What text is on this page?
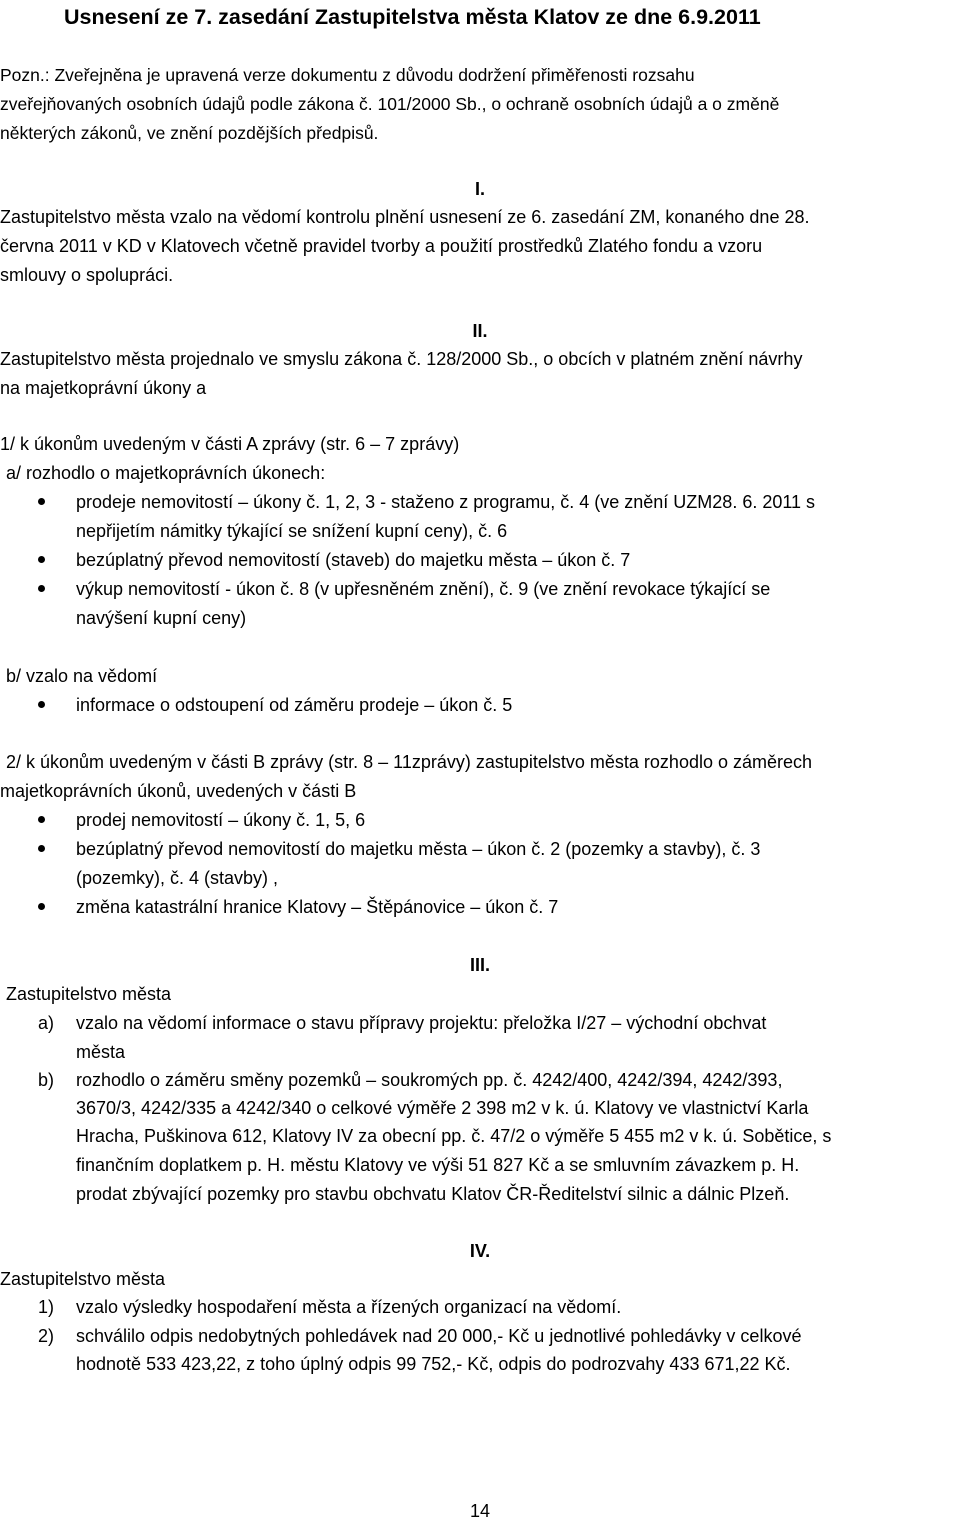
Usnesení ze 7. zasedání Zastupitelstva města Klatov ze dne 6.9.2011
Pozn.: Zveřejněna je upravená verze dokumentu z důvodu dodržení přiměřenosti rozsahu
zveřejňovaných osobních údajů podle zákona č. 101/2000 Sb., o ochraně osobních údajů a o změně
některých zákonů, ve znění pozdějších předpisů.
I.
Zastupitelstvo města vzalo na vědomí kontrolu plnění usnesení ze 6. zasedání ZM, konaného dne 28.
června 2011 v KD v Klatovech včetně pravidel tvorby a použití prostředků Zlatého fondu a vzoru
smlouvy o spolupráci.
II.
Zastupitelstvo města projednalo ve smyslu zákona č. 128/2000 Sb., o obcích v platném znění návrhy
na majetkoprávní úkony a
1/ k úkonům uvedeným v části A zprávy (str. 6 – 7 zprávy)
a/ rozhodlo o majetkoprávních úkonech:
prodeje nemovitostí – úkony č. 1, 2, 3 - staženo z programu, č. 4 (ve znění UZM28. 6. 2011 s
nepřijetím námitky týkající se snížení kupní ceny), č. 6
bezúplatný převod nemovitostí (staveb) do majetku města – úkon č. 7
výkup nemovitostí - úkon č. 8 (v upřesněném znění), č. 9 (ve znění revokace týkající se
navýšení kupní ceny)
b/ vzalo na vědomí
informace o odstoupení od záměru prodeje – úkon č. 5
2/ k úkonům uvedeným v části B zprávy (str. 8 – 11zprávy) zastupitelstvo města rozhodlo o záměrech
majetkoprávních úkonů, uvedených v části B
prodej nemovitostí – úkony č. 1, 5, 6
bezúplatný převod nemovitostí do majetku města – úkon č. 2 (pozemky a stavby), č. 3
(pozemky), č. 4 (stavby) ,
změna katastrální hranice Klatovy – Štěpánovice – úkon č. 7
III.
Zastupitelstvo města
a) vzalo na vědomí informace o stavu přípravy projektu: přeložka I/27 – východní obchvat
města
b) rozhodlo o záměru směny pozemků – soukromých pp. č. 4242/400, 4242/394, 4242/393,
3670/3, 4242/335 a 4242/340 o celkové výměře 2 398 m2 v k. ú. Klatovy ve vlastnictví Karla
Hracha, Puškinova 612, Klatovy IV za obecní pp. č. 47/2 o výměře 5 455 m2 v k. ú. Sobětice, s
finančním doplatkem p. H. městu Klatovy ve výši 51 827 Kč a se smluvním závazkem p. H.
prodat zbývající pozemky pro stavbu obchvatu Klatov ČR-Ředitelství silnic a dálnic Plzeň.
IV.
Zastupitelstvo města
1) vzalo výsledky hospodaření města a řízených organizací na vědomí.
2) schválilo odpis nedobytných pohledávek nad 20 000,- Kč u jednotlivé pohledávky v celkové
hodnotě 533 423,22, z toho úplný odpis 99 752,- Kč, odpis do podrozvahy 433 671,22 Kč.
14
